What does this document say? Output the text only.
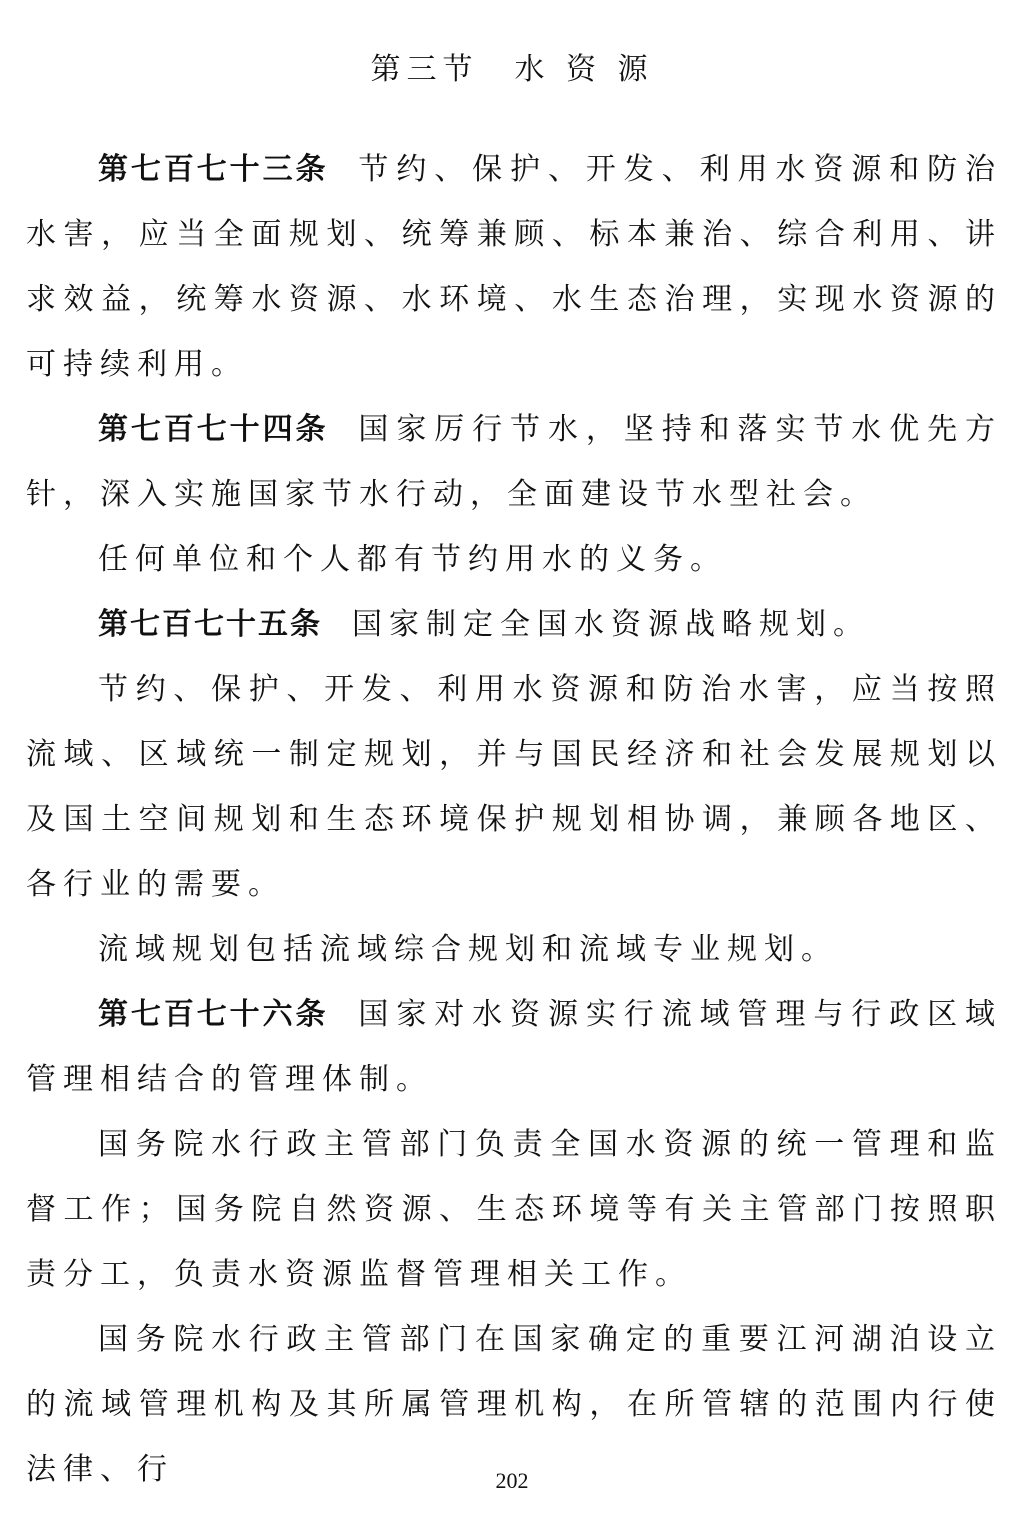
第三节　水 资 源

第七百七十三条 节约、保护、开发、利用水资源和防治水害，应当全面规划、统筹兼顾、标本兼治、综合利用、讲求效益，统筹水资源、水环境、水生态治理，实现水资源的可持续利用。

第七百七十四条 国家厉行节水，坚持和落实节水优先方针，深入实施国家节水行动，全面建设节水型社会。

任何单位和个人都有节约用水的义务。

第七百七十五条 国家制定全国水资源战略规划。

节约、保护、开发、利用水资源和防治水害，应当按照流域、区域统一制定规划，并与国民经济和社会发展规划以及国土空间规划和生态环境保护规划相协调，兼顾各地区、各行业的需要。

流域规划包括流域综合规划和流域专业规划。

第七百七十六条 国家对水资源实行流域管理与行政区域管理相结合的管理体制。

国务院水行政主管部门负责全国水资源的统一管理和监督工作；国务院自然资源、生态环境等有关主管部门按照职责分工，负责水资源监督管理相关工作。

国务院水行政主管部门在国家确定的重要江河湖泊设立的流域管理机构及其所属管理机构，在所管辖的范围内行使法律、行	202
